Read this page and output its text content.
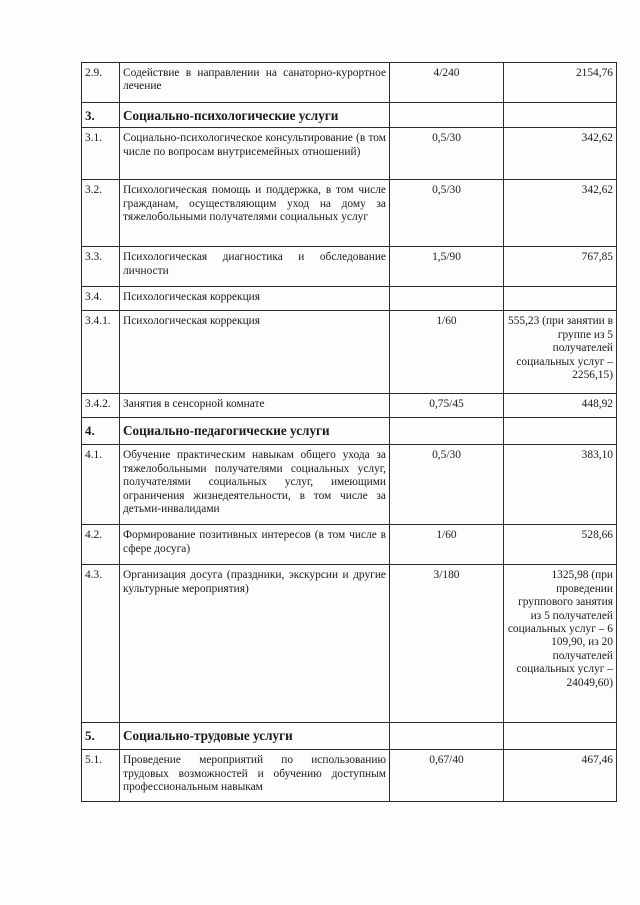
2.9.	Содействие в направлении на санаторно-курортное лечение	4/240	2154,76
3.	Социально-психологические услуги		
3.1.	Социально-психологическое консультирование (в том числе по вопросам внутрисемейных отношений)	0,5/30	342,62
3.2.	Психологическая помощь и поддержка, в том числе гражданам, осуществляющим уход на дому за тяжелобольными получателями социальных услуг	0,5/30	342,62
3.3.	Психологическая диагностика и обследование личности	1,5/90	767,85
3.4.	Психологическая коррекция		
3.4.1.	Психологическая коррекция	1/60	555,23 (при занятии в группе из 5 получателей социальных услуг – 2256,15)
3.4.2.	Занятия в сенсорной комнате	0,75/45	448,92
4.	Социально-педагогические услуги		
4.1.	Обучение практическим навыкам общего ухода за тяжелобольными получателями социальных услуг, получателями социальных услуг, имеющими ограничения жизнедеятельности, в том числе за детьми-инвалидами	0,5/30	383,10
4.2.	Формирование позитивных интересов (в том числе в сфере досуга)	1/60	528,66
4.3.	Организация досуга (праздники, экскурсии и другие культурные мероприятия)	3/180	1325,98 (при проведении группового занятия из 5 получателей социальных услуг – 6 109,90, из 20 получателей социальных услуг – 24049,60)
5.	Социально-трудовые услуги		
5.1.	Проведение мероприятий по использованию трудовых возможностей и обучению доступным профессиональным навыкам	0,67/40	467,46
